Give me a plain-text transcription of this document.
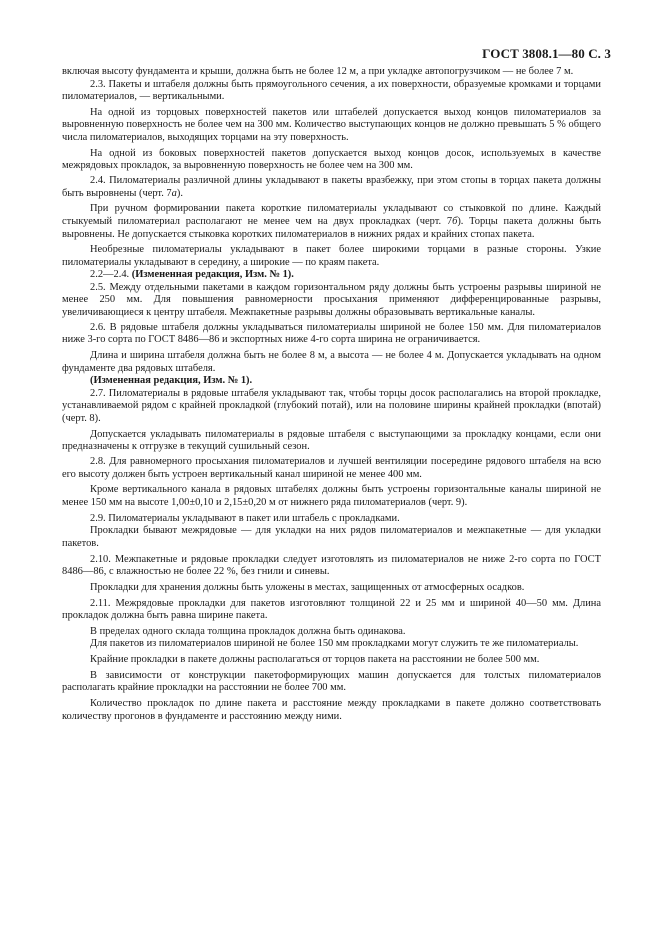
ГОСТ 3808.1—80 С. 3

включая высоту фундамента и крыши, должна быть не более 12 м, а при укладке автопогрузчиком — не более 7 м.

2.3. Пакеты и штабеля должны быть прямоугольного сечения, а их поверхности, образуемые кромками и торцами пиломатериалов, — вертикальными.

На одной из торцовых поверхностей пакетов или штабелей допускается выход концов пиломатериалов за выровненную поверхность не более чем на 300 мм. Количество выступающих концов не должно превышать 5 % общего числа пиломатериалов, выходящих торцами на эту поверхность.

На одной из боковых поверхностей пакетов допускается выход концов досок, используемых в качестве межрядовых прокладок, за выровненную поверхность не более чем на 300 мм.

2.4. Пиломатериалы различной длины укладывают в пакеты вразбежку, при этом стопы в торцах пакета должны быть выровнены (черт. 7а).

При ручном формировании пакета короткие пиломатериалы укладывают со стыковкой по длине. Каждый стыкуемый пиломатериал располагают не менее чем на двух прокладках (черт. 7б). Торцы пакета должны быть выровнены. Не допускается стыковка коротких пиломатериалов в нижних рядах и крайних стопах пакета.

Необрезные пиломатериалы укладывают в пакет более широкими торцами в разные стороны. Узкие пиломатериалы укладывают в середину, а широкие — по краям пакета.

2.2—2.4. (Измененная редакция, Изм. № 1).

2.5. Между отдельными пакетами в каждом горизонтальном ряду должны быть устроены разрывы шириной не менее 250 мм. Для повышения равномерности просыхания применяют дифференцированные разрывы, увеличивающиеся к центру штабеля. Межпакетные разрывы должны образовывать вертикальные каналы.

2.6. В рядовые штабеля должны укладываться пиломатериалы шириной не более 150 мм. Для пиломатериалов ниже 3-го сорта по ГОСТ 8486—86 и экспортных ниже 4-го сорта ширина не ограничивается.

Длина и ширина штабеля должна быть не более 8 м, а высота — не более 4 м. Допускается укладывать на одном фундаменте два рядовых штабеля.

(Измененная редакция, Изм. № 1).

2.7. Пиломатериалы в рядовые штабеля укладывают так, чтобы торцы досок располагались на второй прокладке, устанавливаемой рядом с крайней прокладкой (глубокий потай), или на половине ширины крайней прокладки (впотай) (черт. 8).

Допускается укладывать пиломатериалы в рядовые штабеля с выступающими за прокладку концами, если они предназначены к отгрузке в текущий сушильный сезон.

2.8. Для равномерного просыхания пиломатериалов и лучшей вентиляции посередине рядового штабеля на всю его высоту должен быть устроен вертикальный канал шириной не менее 400 мм.

Кроме вертикального канала в рядовых штабелях должны быть устроены горизонтальные каналы шириной не менее 150 мм на высоте 1,00±0,10 и 2,15±0,20 м от нижнего ряда пиломатериалов (черт. 9).

2.9. Пиломатериалы укладывают в пакет или штабель с прокладками.

Прокладки бывают межрядовые — для укладки на них рядов пиломатериалов и межпакетные — для укладки пакетов.

2.10. Межпакетные и рядовые прокладки следует изготовлять из пиломатериалов не ниже 2-го сорта по ГОСТ 8486—86, с влажностью не более 22 %, без гнили и синевы.

Прокладки для хранения должны быть уложены в местах, защищенных от атмосферных осадков.

2.11. Межрядовые прокладки для пакетов изготовляют толщиной 22 и 25 мм и шириной 40—50 мм. Длина прокладок должна быть равна ширине пакета.

В пределах одного склада толщина прокладок должна быть одинакова.

Для пакетов из пиломатериалов шириной не более 150 мм прокладками могут служить те же пиломатериалы.

Крайние прокладки в пакете должны располагаться от торцов пакета на расстоянии не более 500 мм.

В зависимости от конструкции пакетоформирующих машин допускается для толстых пиломатериалов располагать крайние прокладки на расстоянии не более 700 мм.

Количество прокладок по длине пакета и расстояние между прокладками в пакете должно соответствовать количеству прогонов в фундаменте и расстоянию между ними.
